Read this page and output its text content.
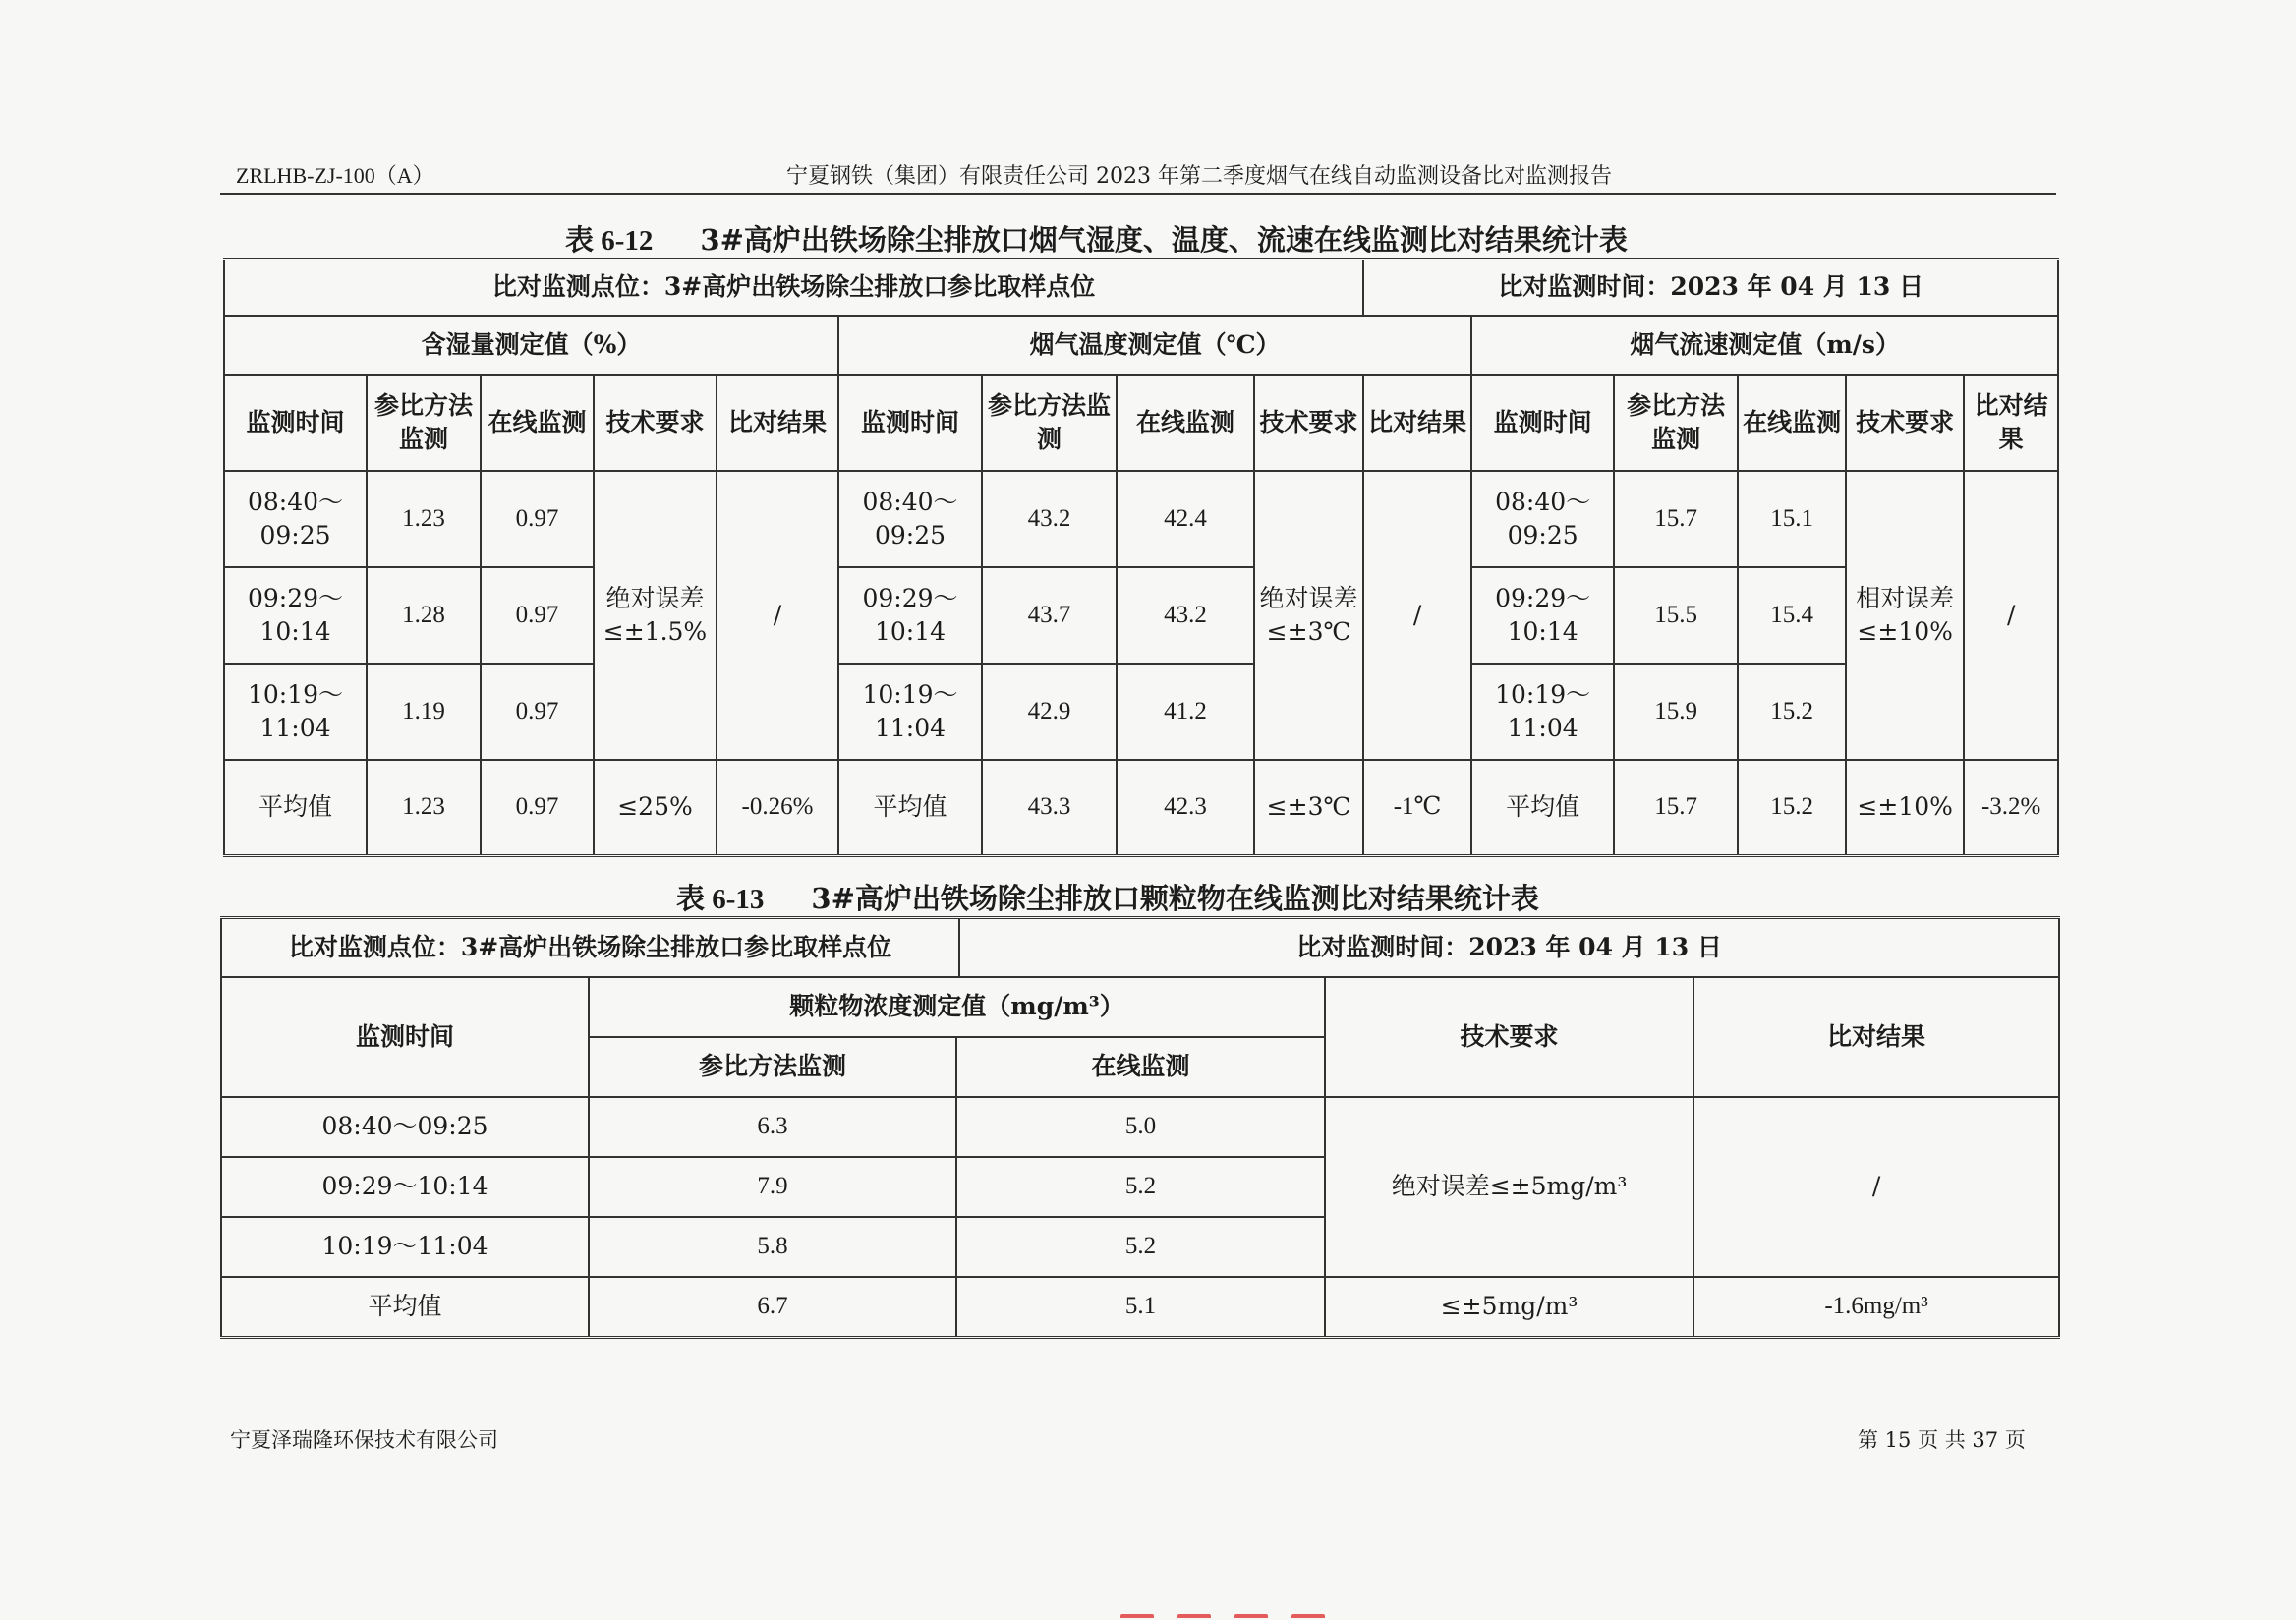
ZRLHB-ZJ-100（A）	宁夏钢铁（集团）有限责任公司 2023 年第二季度烟气在线自动监测设备比对监测报告
表 6-12 3#高炉出铁场除尘排放口烟气湿度、温度、流速在线监测比对结果统计表
比对监测点位：3#高炉出铁场除尘排放口参比取样点位									比对监测时间：2023 年 04 月 13 日					
含湿量测定值（%）					烟气温度测定值（℃）					烟气流速测定值（m/s）				
监测时间	参比方法监测	在线监测	技术要求	比对结果	监测时间	参比方法监测	在线监测	技术要求	比对结果	监测时间	参比方法监测	在线监测	技术要求	比对结果
08:40～09:25	1.23	0.97	绝对误差≤±1.5%	/	08:40～09:25	43.2	42.4	绝对误差≤±3℃	/	08:40～09:25	15.7	15.1	相对误差≤±10%	/
09:29～10:14	1.28	0.97			09:29～10:14	43.7	43.2			09:29～10:14	15.5	15.4		
10:19～11:04	1.19	0.97			10:19～11:04	42.9	41.2			10:19～11:04	15.9	15.2		
平均值	1.23	0.97	≤25%	-0.26%	平均值	43.3	42.3	≤±3℃	-1℃	平均值	15.7	15.2	≤±10%	-3.2%
表 6-13 3#高炉出铁场除尘排放口颗粒物在线监测比对结果统计表
比对监测点位：3#高炉出铁场除尘排放口参比取样点位			比对监测时间：2023 年 04 月 13 日		
监测时间	颗粒物浓度测定值（mg/m³）			技术要求	比对结果
	参比方法监测	在线监测			
08:40～09:25	6.3	5.0		绝对误差≤±5mg/m³	/
09:29～10:14	7.9	5.2			
10:19～11:04	5.8	5.2			
平均值	6.7	5.1		≤±5mg/m³	-1.6mg/m³
宁夏泽瑞隆环保技术有限公司	第 15 页 共 37 页
